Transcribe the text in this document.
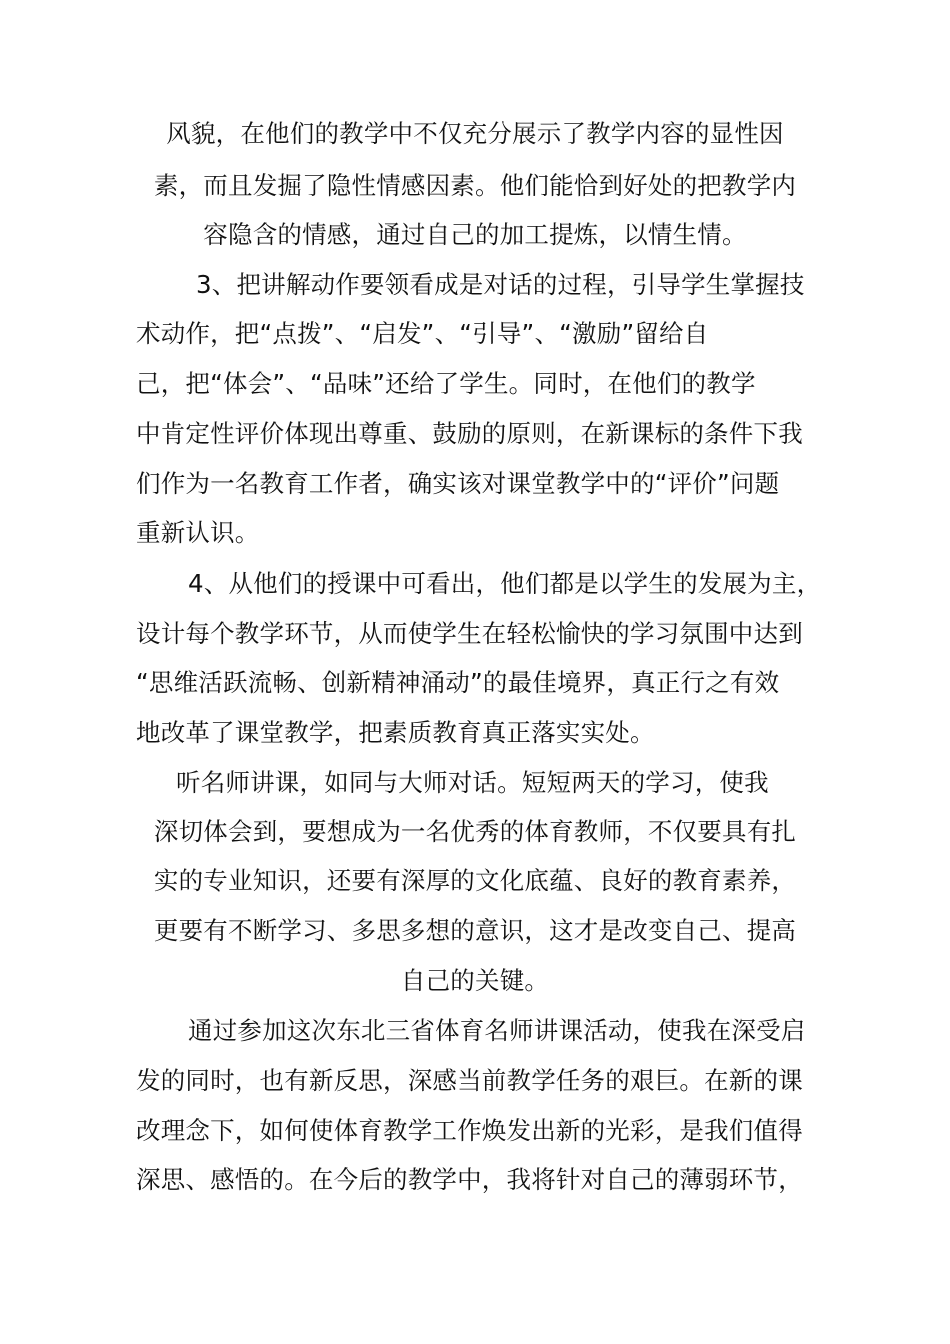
风貌，在他们的教学中不仅充分展示了教学内容的显性因
素，而且发掘了隐性情感因素。他们能恰到好处的把教学内
容隐含的情感，通过自己的加工提炼，以情生情。
3、把讲解动作要领看成是对话的过程，引导学生掌握技
术动作，把“点拨”、“启发”、“引导”、“激励”留给自
己，把“体会”、“品味”还给了学生。同时，在他们的教学
中肯定性评价体现出尊重、鼓励的原则，在新课标的条件下我
们作为一名教育工作者，确实该对课堂教学中的“评价”问题
重新认识。
4、从他们的授课中可看出，他们都是以学生的发展为主，
设计每个教学环节，从而使学生在轻松愉快的学习氛围中达到
“思维活跃流畅、创新精神涌动”的最佳境界，真正行之有效
地改革了课堂教学，把素质教育真正落实实处。
听名师讲课，如同与大师对话。短短两天的学习，使我
深切体会到，要想成为一名优秀的体育教师，不仅要具有扎
实的专业知识，还要有深厚的文化底蕴、良好的教育素养，
更要有不断学习、多思多想的意识，这才是改变自己、提高
自己的关键。
通过参加这次东北三省体育名师讲课活动，使我在深受启
发的同时，也有新反思，深感当前教学任务的艰巨。在新的课
改理念下，如何使体育教学工作焕发出新的光彩，是我们值得
深思、感悟的。在今后的教学中，我将针对自己的薄弱环节，
